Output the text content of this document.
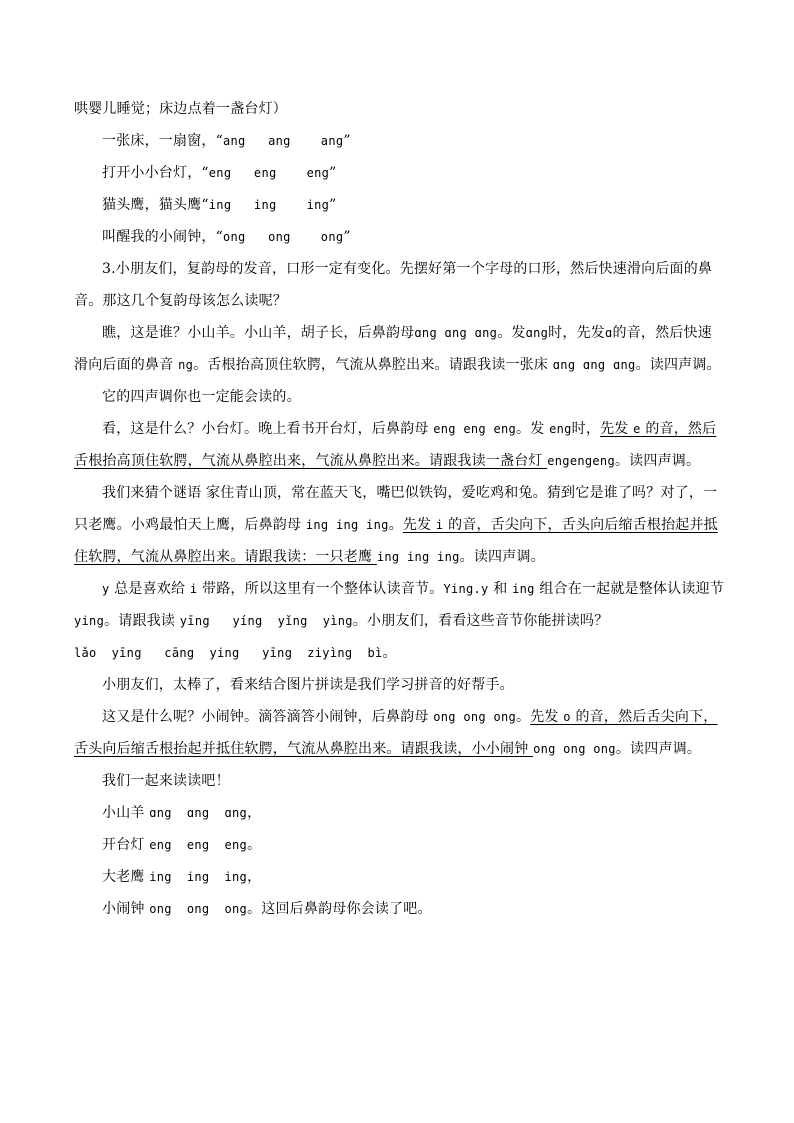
哄婴儿睡觉；床边点着一盏台灯）

一张床，一扇窗，“ang   ang    ang”

打开小小台灯，“eng   eng    eng”

猫头鹰，猫头鹰“ing   ing    ing”

叫醒我的小闹钟，“ong   ong    ong”

3.小朋友们，复韵母的发音，口形一定有变化。先摆好第一个字母的口形，然后快速滑向后面的鼻音。那这几个复韵母该怎么读呢？

瞧，这是谁？小山羊。小山羊，胡子长，后鼻韵母ɑng ɑng ɑng。发ɑng时，先发ɑ的音，然后快速滑向后面的鼻音 ng。舌根抬高顶住软腭，气流从鼻腔出来。请跟我读一张床 ɑng ɑng ɑng。读四声调。

它的四声调你也一定能会读的。

看，这是什么？小台灯。晚上看书开台灯，后鼻韵母 eng eng eng。发 eng时，先发 e 的音，然后舌根抬高顶住软腭，气流从鼻腔出来，气流从鼻腔出来。请跟我读一盏台灯 engengeng。读四声调。

我们来猜个谜语 家住青山顶，常在蓝天飞，嘴巴似铁钩，爱吃鸡和兔。猜到它是谁了吗？对了，一只老鹰。小鸡最怕天上鹰，后鼻韵母 ing ing ing。先发 i 的音，舌尖向下，舌头向后缩舌根抬起并抵住软腭，气流从鼻腔出来。请跟我读：一只老鹰 ing ing ing。读四声调。

y 总是喜欢给 i 带路，所以这里有一个整体认读音节。Ying.y 和 ing 组合在一起就是整体认读迎节 ying。请跟我读 yīng   yíng  yǐng  yìng。小朋友们，看看这些音节你能拼读吗？lǎo  yīng   cāng  ying   yīng  ziyìng  bì。

小朋友们，太棒了，看来结合图片拼读是我们学习拼音的好帮手。

这又是什么呢？小闹钟。滴答滴答小闹钟，后鼻韵母 ong ong ong。先发 o 的音，然后舌尖向下，舌头向后缩舌根抬起并抵住软腭，气流从鼻腔出来。请跟我读，小小闹钟 ong ong ong。读四声调。

我们一起来读读吧！

小山羊 ɑng  ɑng  ɑng，

开台灯 eng  eng  eng。

大老鹰 ing  ing  ing，

小闹钟 ong  ong  ong。这回后鼻韵母你会读了吧。
